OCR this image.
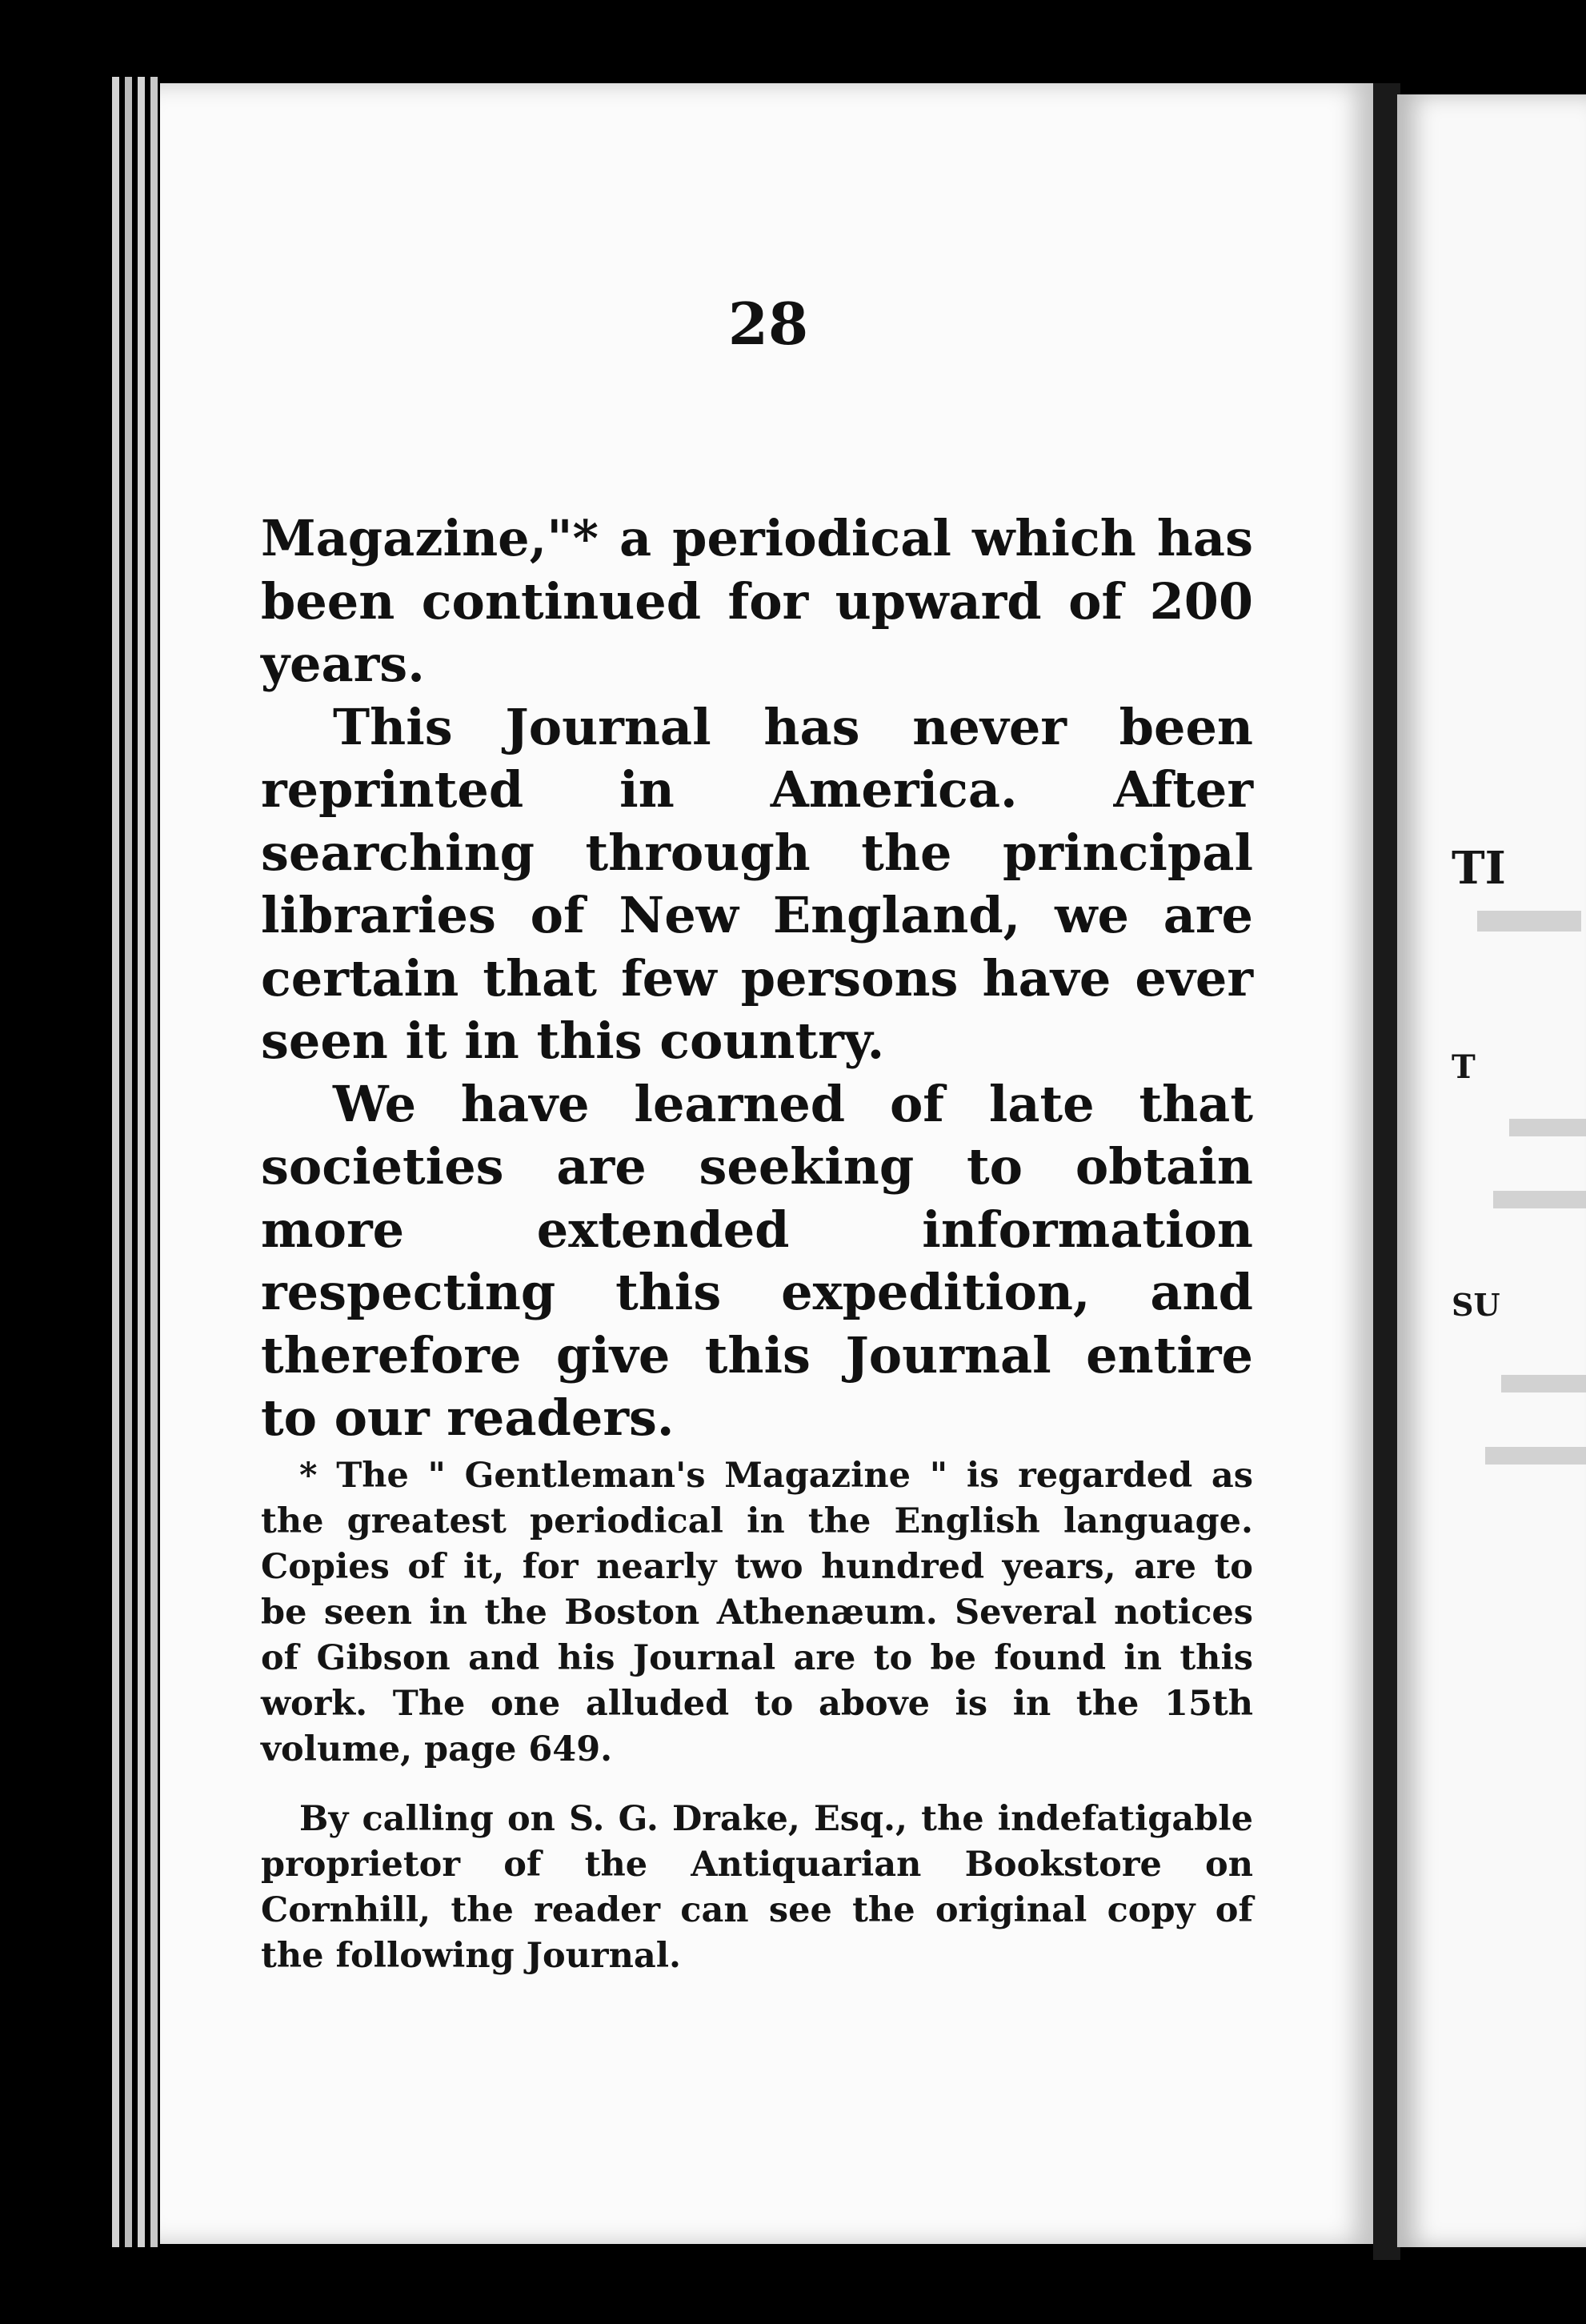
28

Magazine,"* a periodical which has been continued for upward of 200 years.

This Journal has never been reprinted in America. After searching through the principal libraries of New England, we are certain that few persons have ever seen it in this country.

We have learned of late that societies are seeking to obtain more extended information respecting this expedition, and therefore give this Journal entire to our readers.

* The " Gentleman's Magazine " is regarded as the greatest periodical in the English language. Copies of it, for nearly two hundred years, are to be seen in the Boston Athenæum. Several notices of Gibson and his Journal are to be found in this work. The one alluded to above is in the 15th volume, page 649.

By calling on S. G. Drake, Esq., the indefatigable proprietor of the Antiquarian Bookstore on Cornhill, the reader can see the original copy of the following Journal.

TI
T
SU
